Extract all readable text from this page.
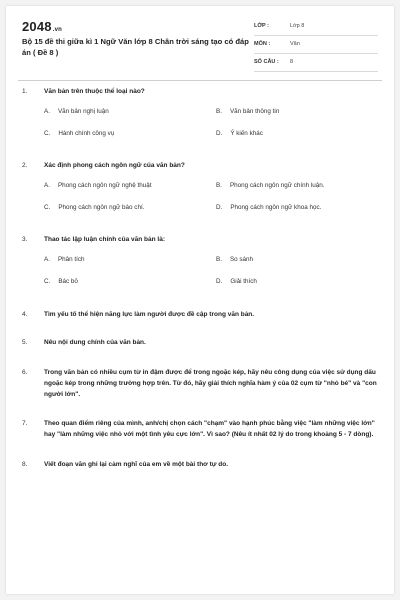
2048.vn
Bộ 15 đề thi giữa kì 1 Ngữ Văn lớp 8 Chân trời sáng tạo có đáp án ( Đề 8 )
LỚP :	Lớp 8
MÔN :	Văn
SỐ CÂU : 8
1.	Văn bản trên thuộc thể loại nào?
A. Văn bản nghị luận	B. Văn bản thông tin
C. Hành chính công vụ	D. Ý kiến khác
2.	Xác định phong cách ngôn ngữ của văn bản?
A. Phong cách ngôn ngữ nghệ thuật	B. Phong cách ngôn ngữ chính luận.
C. Phong cách ngôn ngữ báo chí.	D. Phong cách ngôn ngữ khoa học.
3.	Thao tác lập luận chính của văn bản là:
A. Phân tích	B. So sánh
C. Bác bỏ	D. Giải thích
4.	Tìm yếu tố thể hiện năng lực làm người được đề cập trong văn bản.
5.	Nêu nội dung chính của văn bản.
6.	Trong văn bản có nhiều cụm từ in đậm được để trong ngoặc kép, hãy nêu công dụng của việc sử dụng dấu ngoặc kép trong những trường hợp trên. Từ đó, hãy giải thích nghĩa hàm ý của 02 cụm từ "nhỏ bé" và "con người lớn".
7.	Theo quan điểm riêng của mình, anh/chị chọn cách "chạm" vào hạnh phúc bằng việc "làm những việc lớn" hay "làm những việc nhỏ với một tình yêu cực lớn". Vì sao? (Nêu ít nhất 02 lý do trong khoảng 5 - 7 dòng).
8.	Viết đoạn văn ghi lại cảm nghĩ của em về một bài thơ tự do.
